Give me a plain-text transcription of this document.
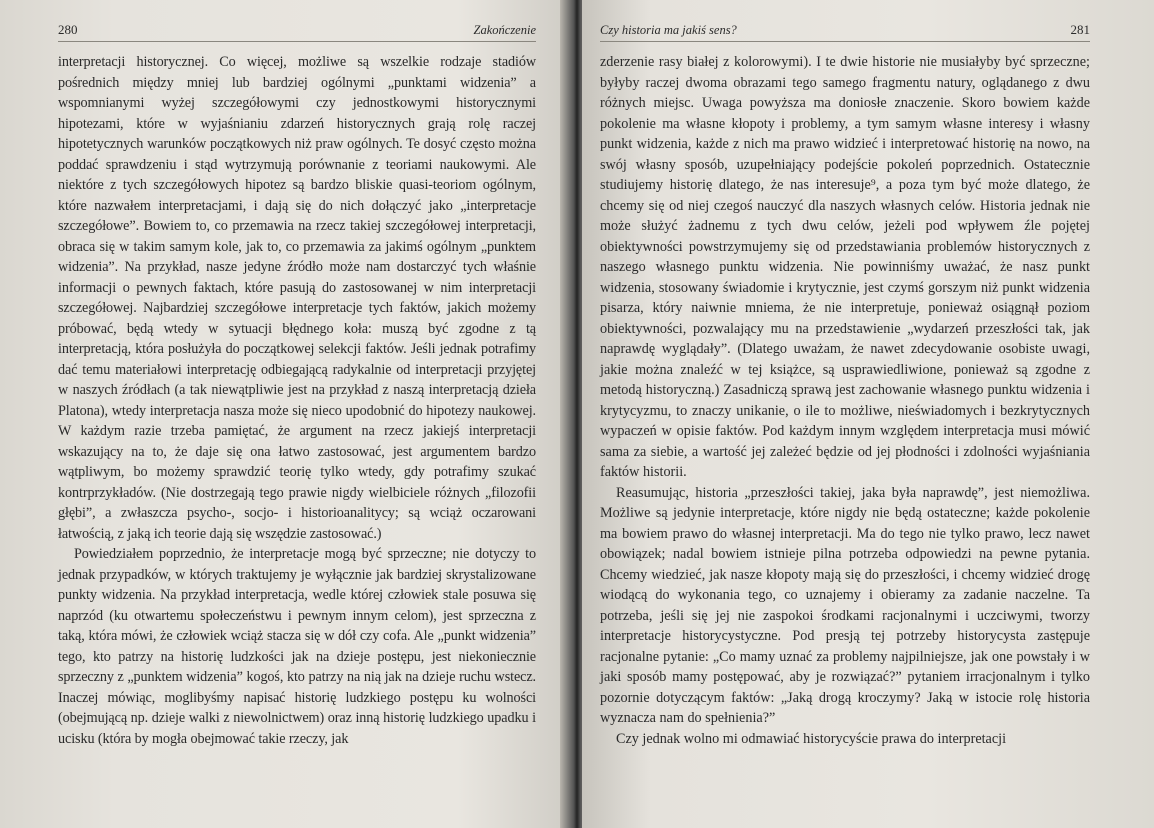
280	Zakończenie

interpretacji historycznej. Co więcej, możliwe są wszelkie rodzaje stadiów pośrednich między mniej lub bardziej ogólnymi „punktami widzenia” a wspomnianymi wyżej szczegółowymi czy jednostkowymi historycznymi hipotezami, które w wyjaśnianiu zdarzeń historycznych grają rolę raczej hipotetycznych warunków początkowych niż praw ogólnych. Te dosyć często można poddać sprawdzeniu i stąd wytrzymują porównanie z teoriami naukowymi. Ale niektóre z tych szczegółowych hipotez są bardzo bliskie quasi-teoriom ogólnym, które nazwałem interpretacjami, i dają się do nich dołączyć jako „interpretacje szczegółowe”. Bowiem to, co przemawia na rzecz takiej szczegółowej interpretacji, obraca się w takim samym kole, jak to, co przemawia za jakimś ogólnym „punktem widzenia”. Na przykład, nasze jedyne źródło może nam dostarczyć tych właśnie informacji o pewnych faktach, które pasują do zastosowanej w nim interpretacji szczegółowej. Najbardziej szczegółowe interpretacje tych faktów, jakich możemy próbować, będą wtedy w sytuacji błędnego koła: muszą być zgodne z tą interpretacją, która posłużyła do początkowej selekcji faktów. Jeśli jednak potrafimy dać temu materiałowi interpretację odbiegającą radykalnie od interpretacji przyjętej w naszych źródłach (a tak niewątpliwie jest na przykład z naszą interpretacją dzieła Platona), wtedy interpretacja nasza może się nieco upodobnić do hipotezy naukowej. W każdym razie trzeba pamiętać, że argument na rzecz jakiejś interpretacji wskazujący na to, że daje się ona łatwo zastosować, jest argumentem bardzo wątpliwym, bo możemy sprawdzić teorię tylko wtedy, gdy potrafimy szukać kontrprzykładów. (Nie dostrzegają tego prawie nigdy wielbiciele różnych „filozofii głębi”, a zwłaszcza psycho-, socjo- i historioanalitycy; są wciąż oczarowani łatwością, z jaką ich teorie dają się wszędzie zastosować.)

Powiedziałem poprzednio, że interpretacje mogą być sprzeczne; nie dotyczy to jednak przypadków, w których traktujemy je wyłącznie jak bardziej skrystalizowane punkty widzenia. Na przykład interpretacja, wedle której człowiek stale posuwa się naprzód (ku otwartemu społeczeństwu i pewnym innym celom), jest sprzeczna z taką, która mówi, że człowiek wciąż stacza się w dół czy cofa. Ale „punkt widzenia” tego, kto patrzy na historię ludzkości jak na dzieje postępu, jest niekoniecznie sprzeczny z „punktem widzenia” kogoś, kto patrzy na nią jak na dzieje ruchu wstecz. Inaczej mówiąc, moglibyśmy napisać historię ludzkiego postępu ku wolności (obejmującą np. dzieje walki z niewolnictwem) oraz inną historię ludzkiego upadku i ucisku (która by mogła obejmować takie rzeczy, jak

Czy historia ma jakiś sens?	281

zderzenie rasy białej z kolorowymi). I te dwie historie nie musiałyby być sprzeczne; byłyby raczej dwoma obrazami tego samego fragmentu natury, oglądanego z dwu różnych miejsc. Uwaga powyższa ma doniosłe znaczenie. Skoro bowiem każde pokolenie ma własne kłopoty i problemy, a tym samym własne interesy i własny punkt widzenia, każde z nich ma prawo widzieć i interpretować historię na nowo, na swój własny sposób, uzupełniający podejście pokoleń poprzednich. Ostatecznie studiujemy historię dlatego, że nas interesuje⁹, a poza tym być może dlatego, że chcemy się od niej czegoś nauczyć dla naszych własnych celów. Historia jednak nie może służyć żadnemu z tych dwu celów, jeżeli pod wpływem źle pojętej obiektywności powstrzymujemy się od przedstawiania problemów historycznych z naszego własnego punktu widzenia. Nie powinniśmy uważać, że nasz punkt widzenia, stosowany świadomie i krytycznie, jest czymś gorszym niż punkt widzenia pisarza, który naiwnie mniema, że nie interpretuje, ponieważ osiągnął poziom obiektywności, pozwalający mu na przedstawienie „wydarzeń przeszłości tak, jak naprawdę wyglądały”. (Dlatego uważam, że nawet zdecydowanie osobiste uwagi, jakie można znaleźć w tej książce, są usprawiedliwione, ponieważ są zgodne z metodą historyczną.) Zasadniczą sprawą jest zachowanie własnego punktu widzenia i krytycyzmu, to znaczy unikanie, o ile to możliwe, nieświadomych i bezkrytycznych wypaczeń w opisie faktów. Pod każdym innym względem interpretacja musi mówić sama za siebie, a wartość jej zależeć będzie od jej płodności i zdolności wyjaśniania faktów historii.

Reasumując, historia „przeszłości takiej, jaka była naprawdę”, jest niemożliwa. Możliwe są jedynie interpretacje, które nigdy nie będą ostateczne; każde pokolenie ma bowiem prawo do własnej interpretacji. Ma do tego nie tylko prawo, lecz nawet obowiązek; nadal bowiem istnieje pilna potrzeba odpowiedzi na pewne pytania. Chcemy wiedzieć, jak nasze kłopoty mają się do przeszłości, i chcemy widzieć drogę wiodącą do wykonania tego, co uznajemy i obieramy za zadanie naczelne. Ta potrzeba, jeśli się jej nie zaspokoi środkami racjonalnymi i uczciwymi, tworzy interpretacje historycystyczne. Pod presją tej potrzeby historycysta zastępuje racjonalne pytanie: „Co mamy uznać za problemy najpilniejsze, jak one powstały i w jaki sposób mamy postępować, aby je rozwiązać?” pytaniem irracjonalnym i tylko pozornie dotyczącym faktów: „Jaką drogą kroczymy? Jaką w istocie rolę historia wyznacza nam do spełnienia?”

Czy jednak wolno mi odmawiać historycyście prawa do interpretacji
